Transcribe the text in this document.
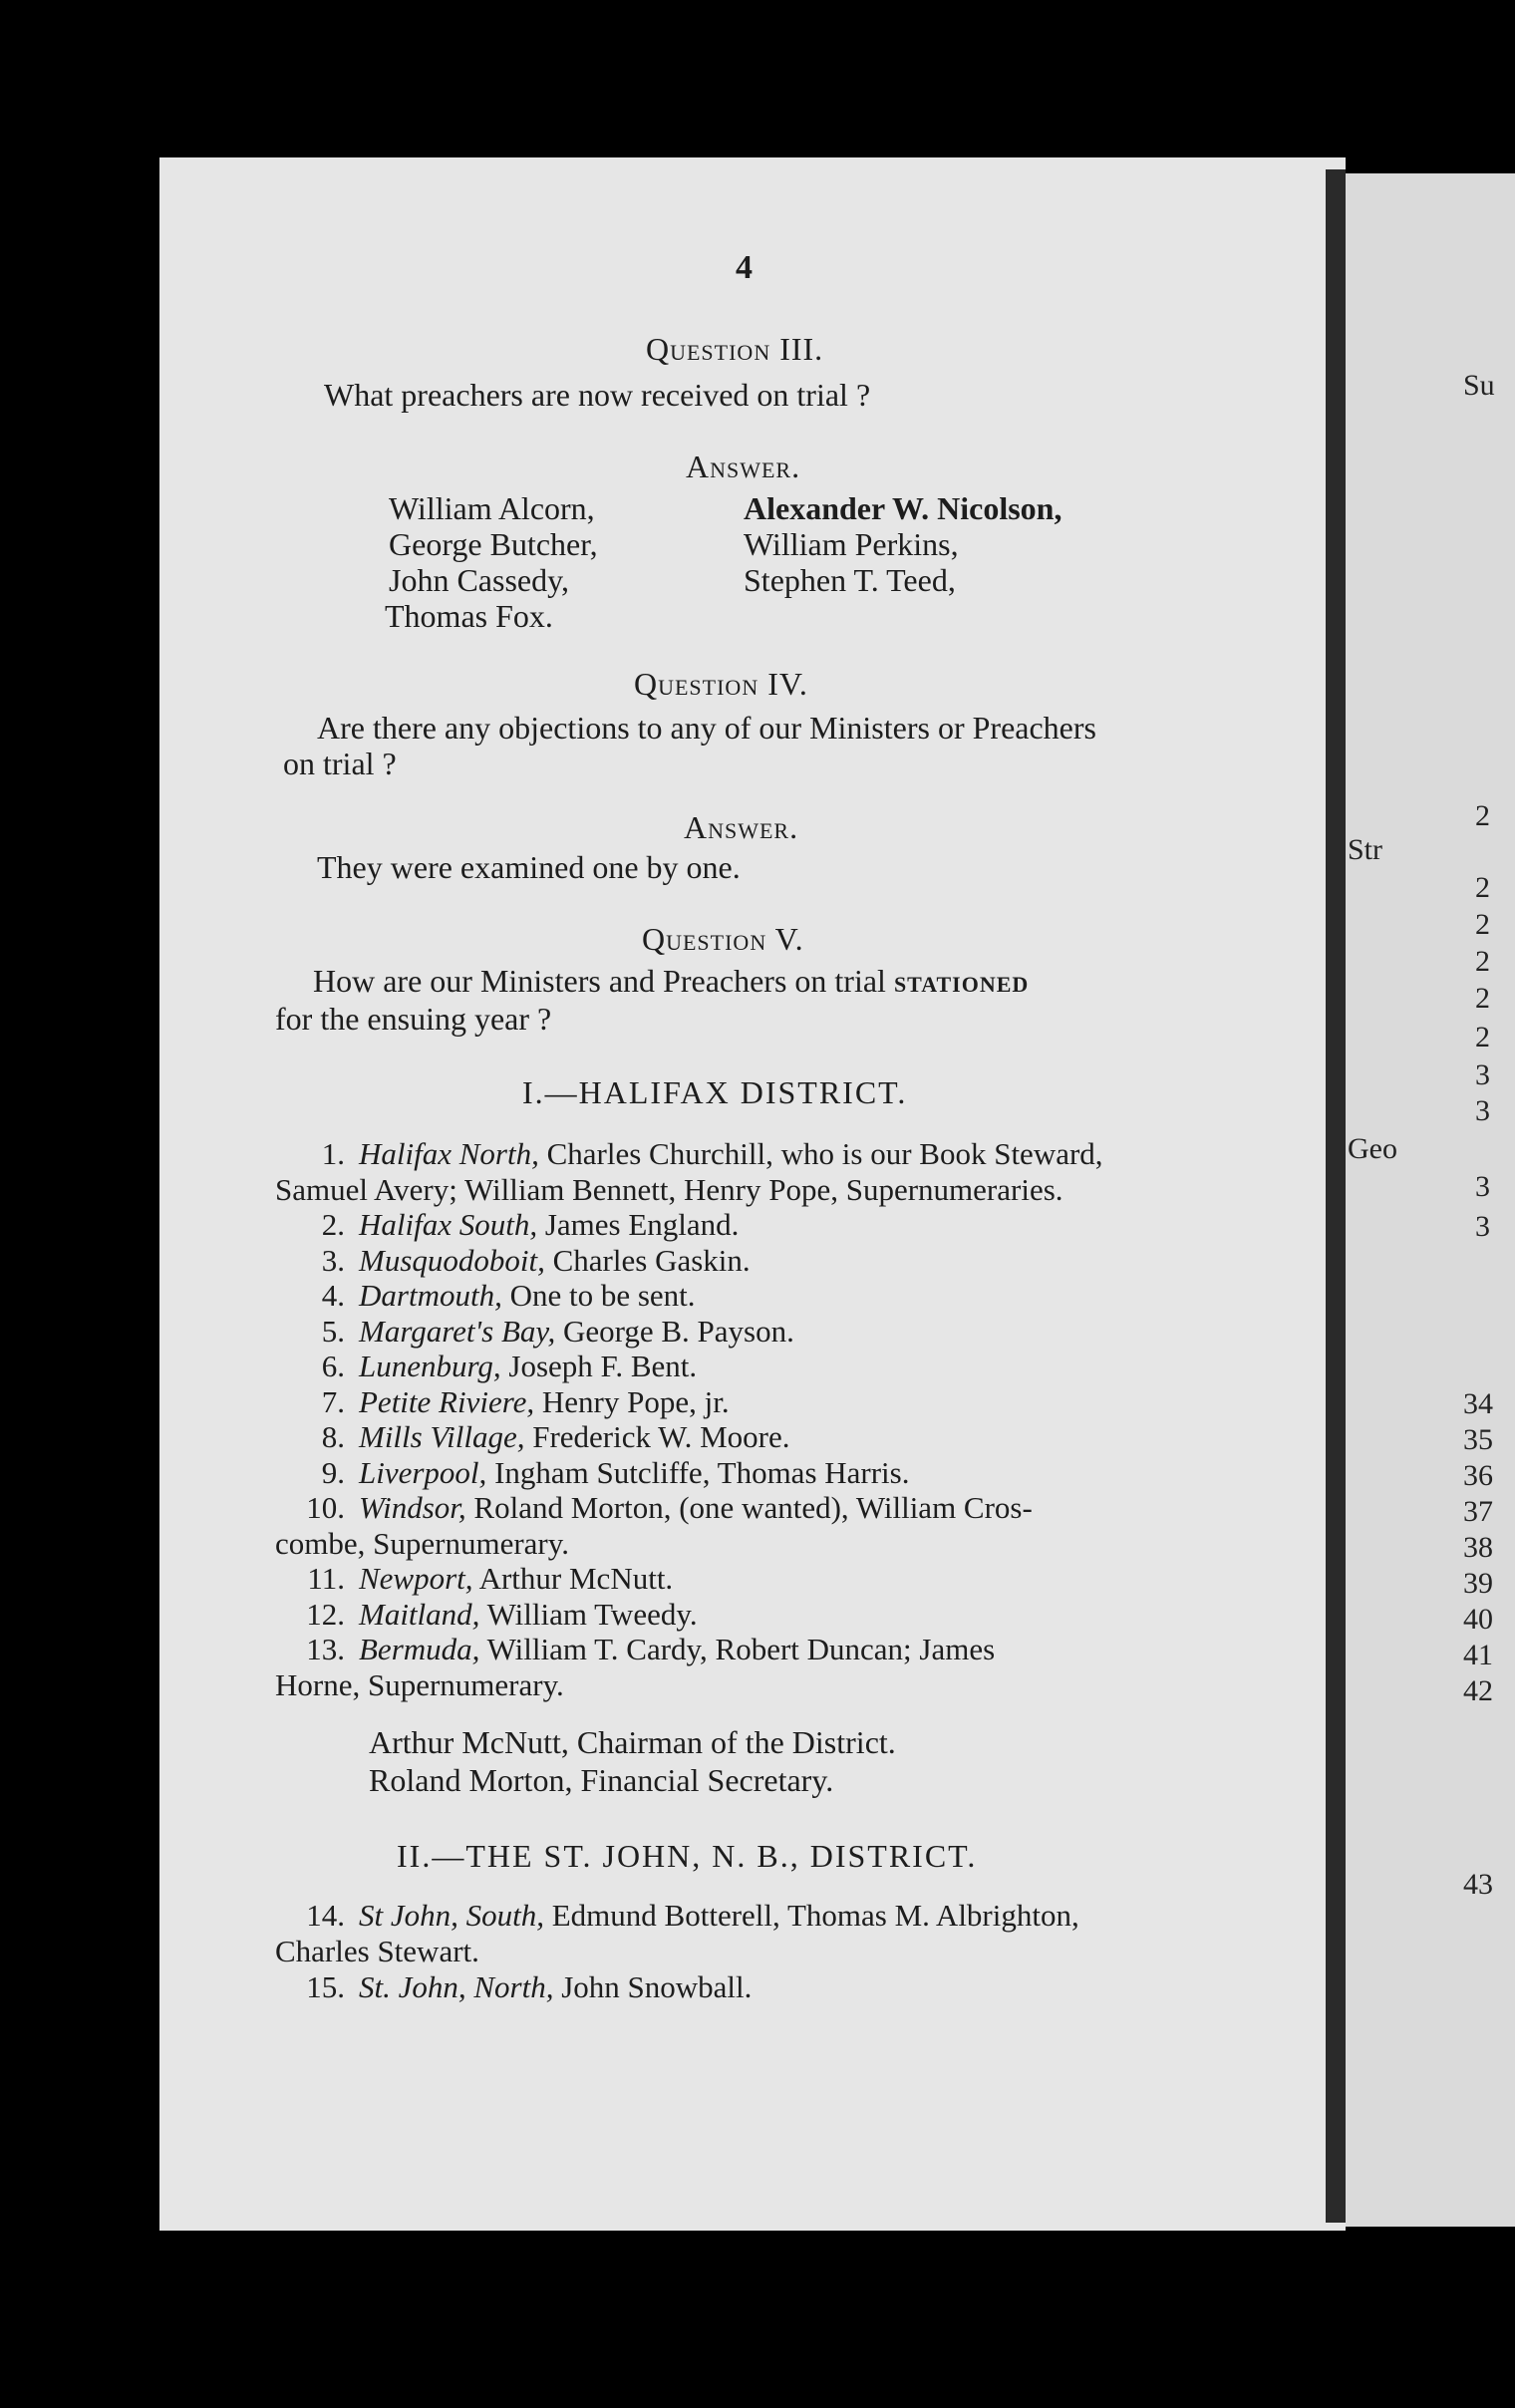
Su
2
Str
2
2
2
2
2
3
3
Geo
3
3
34
35
36
37
38
39
40
41
42
43
4
Question III.
What preachers are now received on trial ?
Answer.
William Alcorn,
George Butcher,
John Cassedy,
Thomas Fox.
Alexander W. Nicolson,
William Perkins,
Stephen T. Teed,
Question IV.
Are there any objections to any of our Ministers or Preachers
on trial ?
Answer.
They were examined one by one.
Question V.
How are our Ministers and Preachers on trial stationed
for the ensuing year ?
I.—HALIFAX DISTRICT.
1. Halifax North, Charles Churchill, who is our Book Steward,
Samuel Avery; William Bennett, Henry Pope, Supernumeraries.
2. Halifax South, James England.
3. Musquodoboit, Charles Gaskin.
4. Dartmouth, One to be sent.
5. Margaret's Bay, George B. Payson.
6. Lunenburg, Joseph F. Bent.
7. Petite Riviere, Henry Pope, jr.
8. Mills Village, Frederick W. Moore.
9. Liverpool, Ingham Sutcliffe, Thomas Harris.
10. Windsor, Roland Morton, (one wanted), William Cros-
combe, Supernumerary.
11. Newport, Arthur McNutt.
12. Maitland, William Tweedy.
13. Bermuda, William T. Cardy, Robert Duncan; James
Horne, Supernumerary.
Arthur McNutt, Chairman of the District.
Roland Morton, Financial Secretary.
II.—THE ST. JOHN, N. B., DISTRICT.
14. St John, South, Edmund Botterell, Thomas M. Albrighton,
Charles Stewart.
15. St. John, North, John Snowball.
